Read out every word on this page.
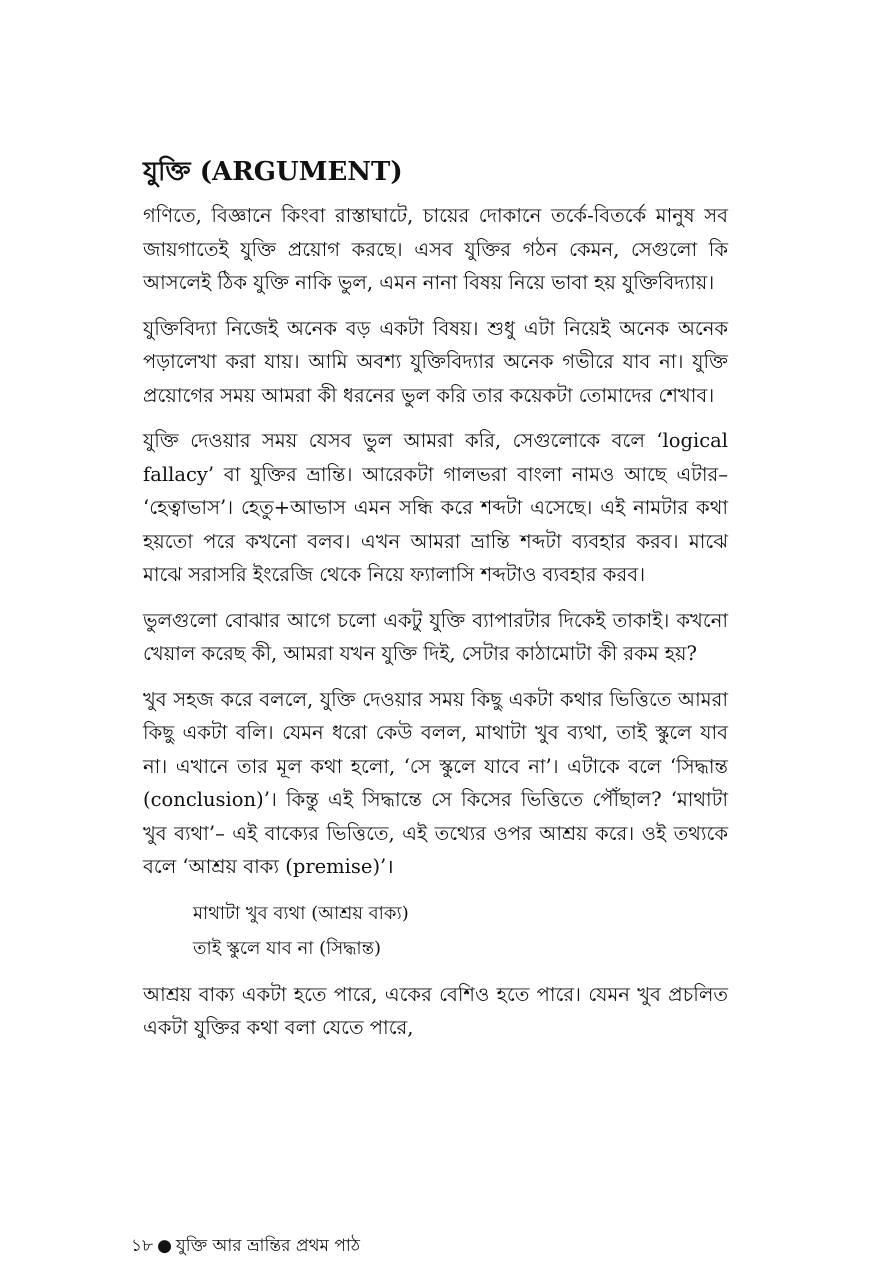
যুক্তি (ARGUMENT)

গণিতে, বিজ্ঞানে কিংবা রাস্তাঘাটে, চায়ের দোকানে তর্কে-বিতর্কে মানুষ সব জায়গাতেই যুক্তি প্রয়োগ করছে। এসব যুক্তির গঠন কেমন, সেগুলো কি আসলেই ঠিক যুক্তি নাকি ভুল, এমন নানা বিষয় নিয়ে ভাবা হয় যুক্তিবিদ্যায়।

যুক্তিবিদ্যা নিজেই অনেক বড় একটা বিষয়। শুধু এটা নিয়েই অনেক অনেক পড়ালেখা করা যায়। আমি অবশ্য যুক্তিবিদ্যার অনেক গভীরে যাব না। যুক্তি প্রয়োগের সময় আমরা কী ধরনের ভুল করি তার কয়েকটা তোমাদের শেখাব।

যুক্তি দেওয়ার সময় যেসব ভুল আমরা করি, সেগুলোকে বলে ‘logical fallacy’ বা যুক্তির ভ্রান্তি। আরেকটা গালভরা বাংলা নামও আছে এটার– ‘হেত্বাভাস’। হেতু+আভাস এমন সন্ধি করে শব্দটা এসেছে। এই নামটার কথা হয়তো পরে কখনো বলব। এখন আমরা ভ্রান্তি শব্দটা ব্যবহার করব। মাঝে মাঝে সরাসরি ইংরেজি থেকে নিয়ে ফ্যালাসি শব্দটাও ব্যবহার করব।

ভুলগুলো বোঝার আগে চলো একটু যুক্তি ব্যাপারটার দিকেই তাকাই। কখনো খেয়াল করেছ কী, আমরা যখন যুক্তি দিই, সেটার কাঠামোটা কী রকম হয়?

খুব সহজ করে বললে, যুক্তি দেওয়ার সময় কিছু একটা কথার ভিত্তিতে আমরা কিছু একটা বলি। যেমন ধরো কেউ বলল, মাথাটা খুব ব্যথা, তাই স্কুলে যাব না। এখানে তার মূল কথা হলো, ‘সে স্কুলে যাবে না’। এটাকে বলে ‘সিদ্ধান্ত (conclusion)’। কিন্তু এই সিদ্ধান্তে সে কিসের ভিত্তিতে পৌঁছাল? ‘মাথাটা খুব ব্যথা’– এই বাক্যের ভিত্তিতে, এই তথ্যের ওপর আশ্রয় করে। ওই তথ্যকে বলে ‘আশ্রয় বাক্য (premise)’।

মাথাটা খুব ব্যথা (আশ্রয় বাক্য)
তাই স্কুলে যাব না (সিদ্ধান্ত)

আশ্রয় বাক্য একটা হতে পারে, একের বেশিও হতে পারে। যেমন খুব প্রচলিত একটা যুক্তির কথা বলা যেতে পারে,

১৮ ● যুক্তি আর ভ্রান্তির প্রথম পাঠ
